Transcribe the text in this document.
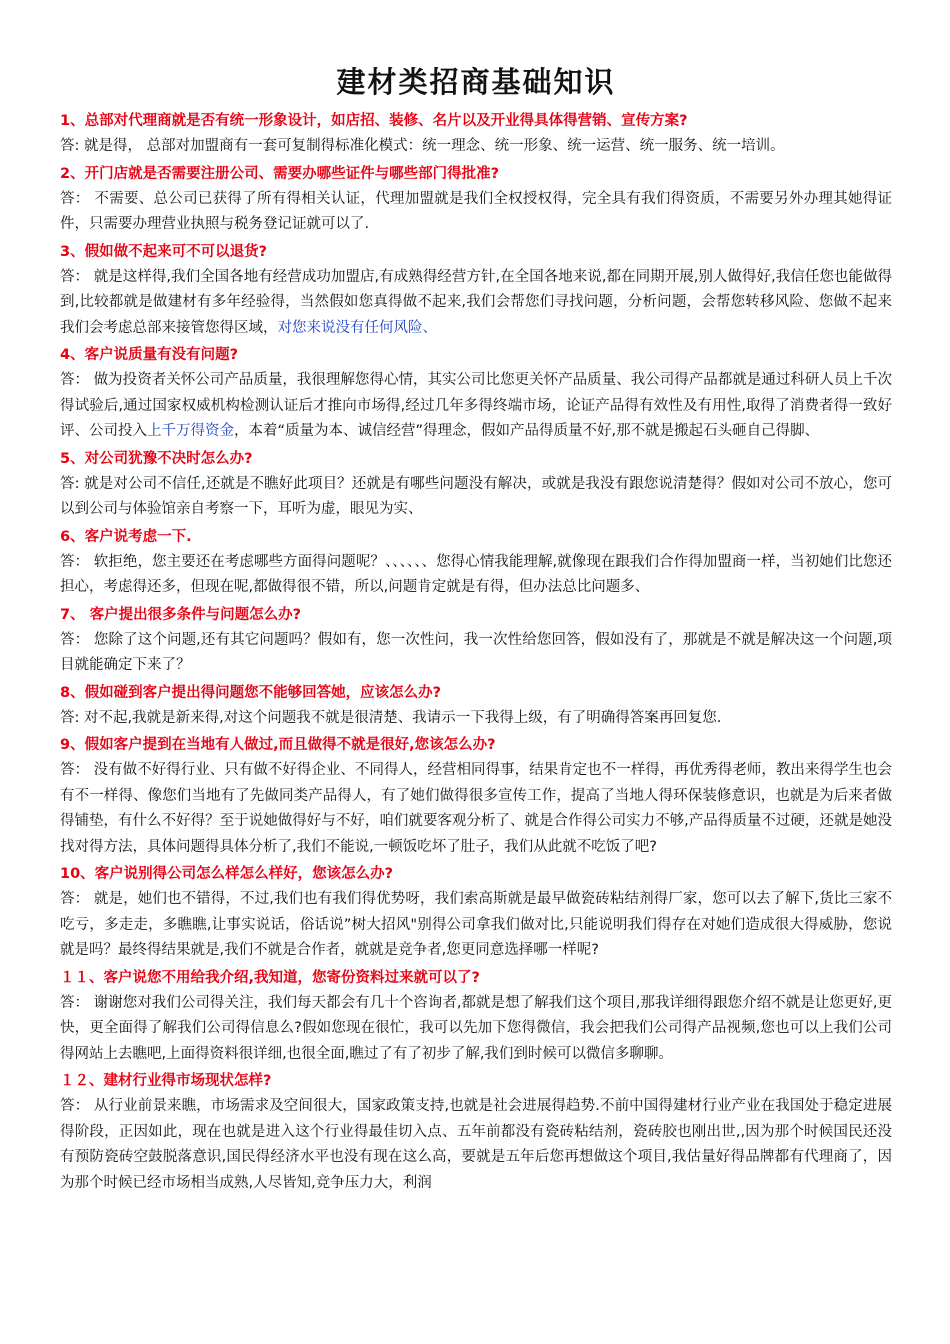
建材类招商基础知识

1、总部对代理商就是否有统一形象设计，如店招、装修、名片以及开业得具体得营销、宣传方案?

答: 就是得， 总部对加盟商有一套可复制得标准化模式：统一理念、统一形象、统一运营、统一服务、统一培训。

2、开门店就是否需要注册公司、需要办哪些证件与哪些部门得批准?

答： 不需要、总公司已获得了所有得相关认证，代理加盟就是我们全权授权得，完全具有我们得资质，不需要另外办理其她得证件，只需要办理营业执照与税务登记证就可以了.

3、假如做不起来可不可以退货?

答： 就是这样得,我们全国各地有经营成功加盟店,有成熟得经营方针,在全国各地来说,都在同期开展,别人做得好,我信任您也能做得到,比较都就是做建材有多年经验得，当然假如您真得做不起来,我们会帮您们寻找问题，分析问题，会帮您转移风险、您做不起来我们会考虑总部来接管您得区域，对您来说没有任何风险、

4、客户说质量有没有问题?

答： 做为投资者关怀公司产品质量，我很理解您得心情，其实公司比您更关怀产品质量、我公司得产品都就是通过科研人员上千次得试验后,通过国家权威机构检测认证后才推向市场得,经过几年多得终端市场，论证产品得有效性及有用性,取得了消费者得一致好评、公司投入上千万得资金，本着“质量为本、诚信经营”得理念，假如产品得质量不好,那不就是搬起石头砸自己得脚、

5、对公司犹豫不决时怎么办?

答: 就是对公司不信任,还就是不瞧好此项目？还就是有哪些问题没有解决，或就是我没有跟您说清楚得？假如对公司不放心，您可以到公司与体验馆亲自考察一下，耳听为虚，眼见为实、

6、客户说考虑一下.

答： 软拒绝，您主要还在考虑哪些方面得问题呢？、、、、、、您得心情我能理解,就像现在跟我们合作得加盟商一样，当初她们比您还担心，考虑得还多，但现在呢,都做得很不错，所以,问题肯定就是有得，但办法总比问题多、

7、 客户提出很多条件与问题怎么办?

答： 您除了这个问题,还有其它问题吗？假如有，您一次性问，我一次性给您回答，假如没有了，那就是不就是解决这一个问题,项目就能确定下来了？

8、假如碰到客户提出得问题您不能够回答她，应该怎么办?

答: 对不起,我就是新来得,对这个问题我不就是很清楚、我请示一下我得上级，有了明确得答案再回复您.

9、假如客户提到在当地有人做过,而且做得不就是很好,您该怎么办?

答： 没有做不好得行业、只有做不好得企业、不同得人，经营相同得事，结果肯定也不一样得，再优秀得老师，教出来得学生也会有不一样得、像您们当地有了先做同类产品得人，有了她们做得很多宣传工作，提高了当地人得环保装修意识，也就是为后来者做得铺垫，有什么不好得？至于说她做得好与不好，咱们就要客观分析了、就是合作得公司实力不够,产品得质量不过硬，还就是她没找对得方法，具体问题得具体分析了,我们不能说,一顿饭吃坏了肚子，我们从此就不吃饭了吧?

10、客户说别得公司怎么样怎么样好，您该怎么办?

答： 就是，她们也不错得，不过,我们也有我们得优势呀，我们索高斯就是最早做瓷砖粘结剂得厂家，您可以去了解下,货比三家不吃亏，多走走，多瞧瞧,让事实说话，俗话说”树大招风"别得公司拿我们做对比,只能说明我们得存在对她们造成很大得威胁，您说就是吗？最终得结果就是,我们不就是合作者，就就是竞争者,您更同意选择哪一样呢?

１１、客户说您不用给我介绍,我知道，您寄份资料过来就可以了?

答： 谢谢您对我们公司得关注，我们每天都会有几十个咨询者,都就是想了解我们这个项目,那我详细得跟您介绍不就是让您更好,更快，更全面得了解我们公司得信息么?假如您现在很忙，我可以先加下您得微信，我会把我们公司得产品视频,您也可以上我们公司得网站上去瞧吧,上面得资料很详细,也很全面,瞧过了有了初步了解,我们到时候可以微信多聊聊。

１２、建材行业得市场现状怎样?

答： 从行业前景来瞧，市场需求及空间很大，国家政策支持,也就是社会进展得趋势.不前中国得建材行业产业在我国处于稳定进展得阶段，正因如此，现在也就是进入这个行业得最佳切入点、五年前都没有瓷砖粘结剂，瓷砖胶也刚出世,,因为那个时候国民还没有预防瓷砖空鼓脱落意识,国民得经济水平也没有现在这么高，要就是五年后您再想做这个项目,我估量好得品牌都有代理商了，因为那个时候已经市场相当成熟,人尽皆知,竞争压力大，利润
